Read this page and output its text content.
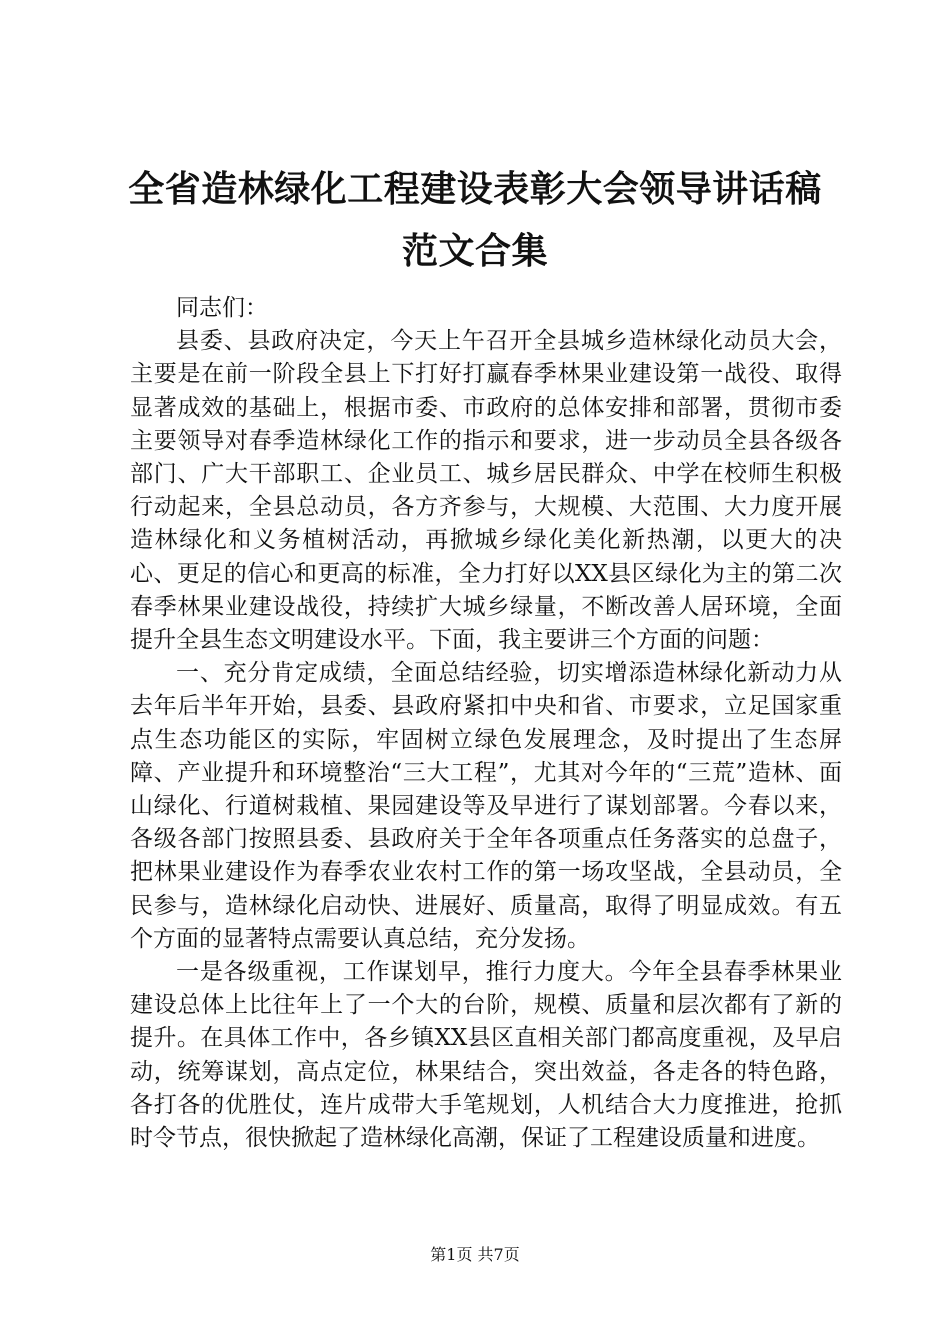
全省造林绿化工程建设表彰大会领导讲话稿范文合集

同志们：

县委、县政府决定，今天上午召开全县城乡造林绿化动员大会，主要是在前一阶段全县上下打好打赢春季林果业建设第一战役、取得显著成效的基础上，根据市委、市政府的总体安排和部署，贯彻市委主要领导对春季造林绿化工作的指示和要求，进一步动员全县各级各部门、广大干部职工、企业员工、城乡居民群众、中学在校师生积极行动起来，全县总动员，各方齐参与，大规模、大范围、大力度开展造林绿化和义务植树活动，再掀城乡绿化美化新热潮，以更大的决心、更足的信心和更高的标准，全力打好以XX县区绿化为主的第二次春季林果业建设战役，持续扩大城乡绿量，不断改善人居环境，全面提升全县生态文明建设水平。下面，我主要讲三个方面的问题：

一、充分肯定成绩，全面总结经验，切实增添造林绿化新动力从去年后半年开始，县委、县政府紧扣中央和省、市要求，立足国家重点生态功能区的实际，牢固树立绿色发展理念，及时提出了生态屏障、产业提升和环境整治“三大工程”，尤其对今年的“三荒”造林、面山绿化、行道树栽植、果园建设等及早进行了谋划部署。今春以来，各级各部门按照县委、县政府关于全年各项重点任务落实的总盘子，把林果业建设作为春季农业农村工作的第一场攻坚战，全县动员，全民参与，造林绿化启动快、进展好、质量高，取得了明显成效。有五个方面的显著特点需要认真总结，充分发扬。

一是各级重视，工作谋划早，推行力度大。今年全县春季林果业建设总体上比往年上了一个大的台阶，规模、质量和层次都有了新的提升。在具体工作中，各乡镇XX县区直相关部门都高度重视，及早启动，统筹谋划，高点定位，林果结合，突出效益，各走各的特色路，各打各的优胜仗，连片成带大手笔规划，人机结合大力度推进，抢抓时令节点，很快掀起了造林绿化高潮，保证了工程建设质量和进度。

第1页 共7页
